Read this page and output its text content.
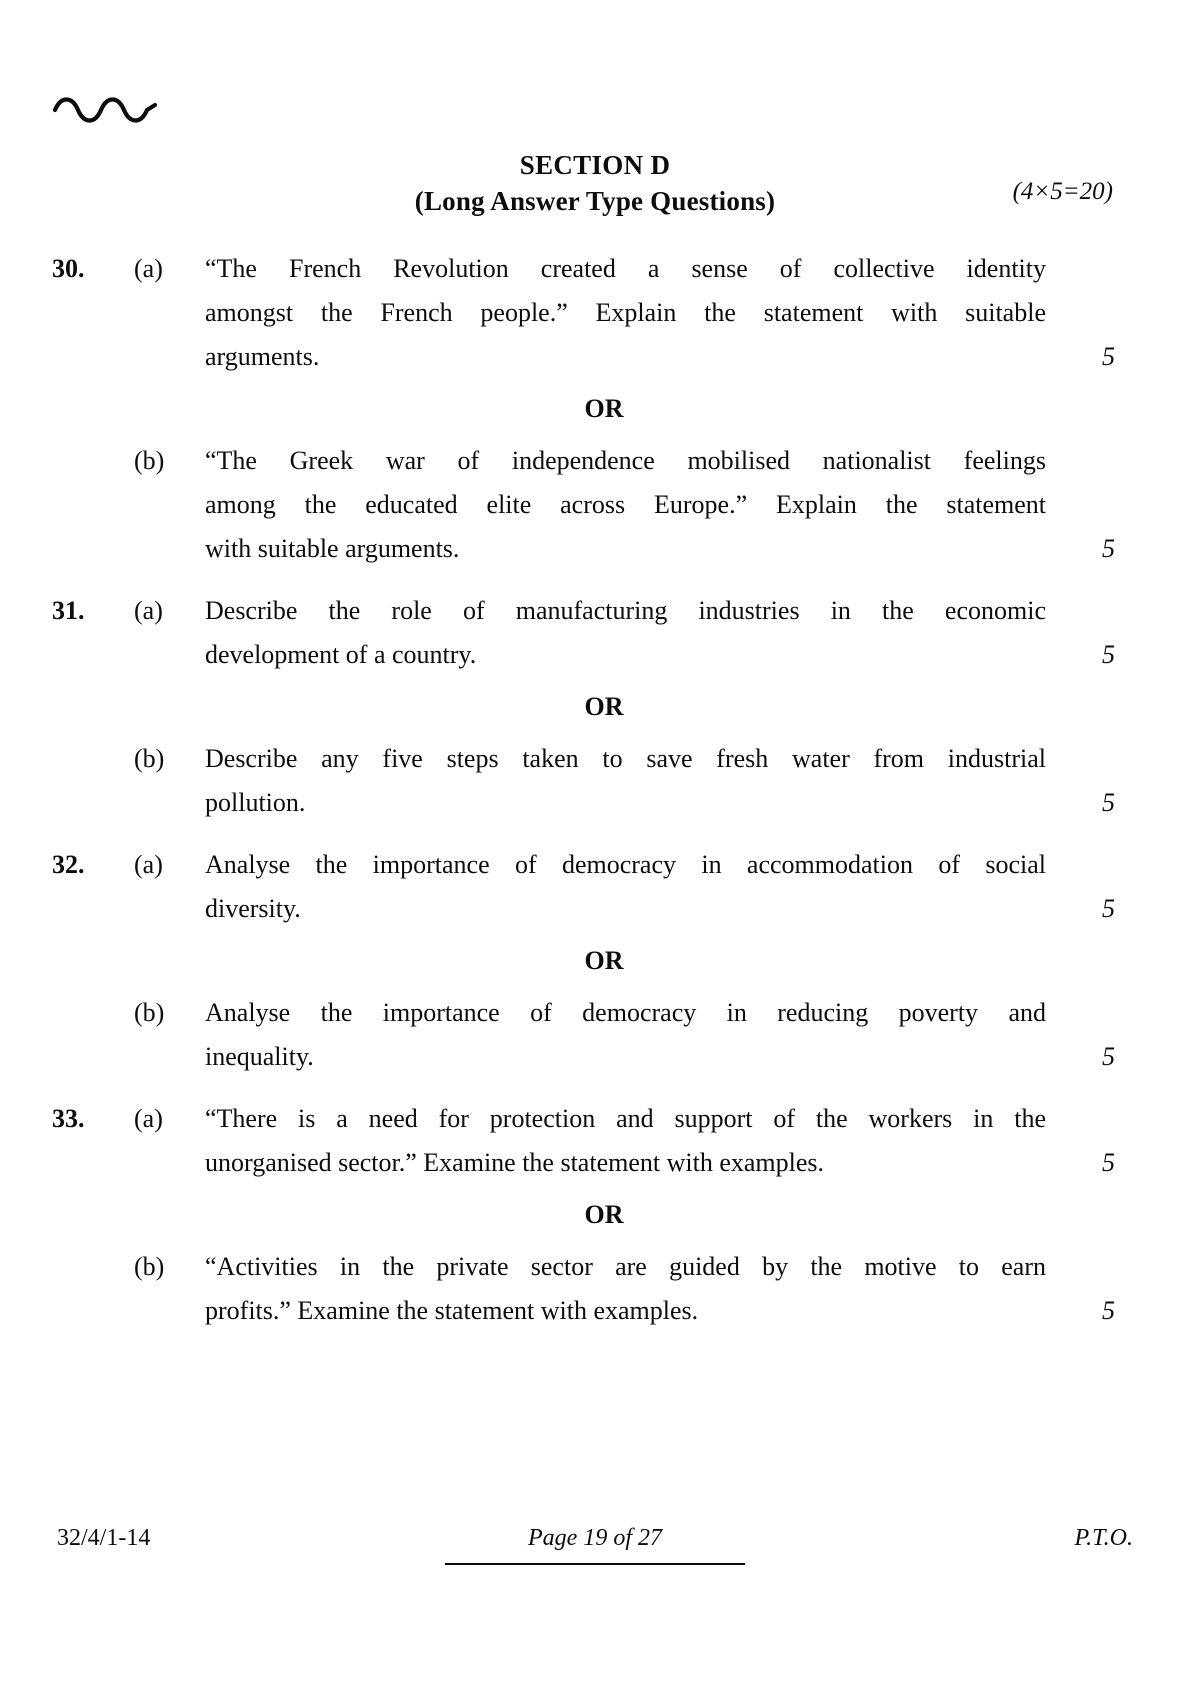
SECTION D
(Long Answer Type Questions)	(4×5=20)
30.	(a)	“The French Revolution created a sense of collective identity
amongst the French people.” Explain the statement with suitable
arguments.	5
OR
(b)	“The Greek war of independence mobilised nationalist feelings
among the educated elite across Europe.” Explain the statement
with suitable arguments.	5
31.	(a)	Describe the role of manufacturing industries in the economic
development of a country.	5
OR
(b)	Describe any five steps taken to save fresh water from industrial
pollution.	5
32.	(a)	Analyse the importance of democracy in accommodation of social
diversity.	5
OR
(b)	Analyse the importance of democracy in reducing poverty and
inequality.	5
33.	(a)	“There is a need for protection and support of the workers in the
unorganised sector.” Examine the statement with examples.	5
OR
(b)	“Activities in the private sector are guided by the motive to earn
profits.” Examine the statement with examples.	5
32/4/1-14	Page 19 of 27	P.T.O.
